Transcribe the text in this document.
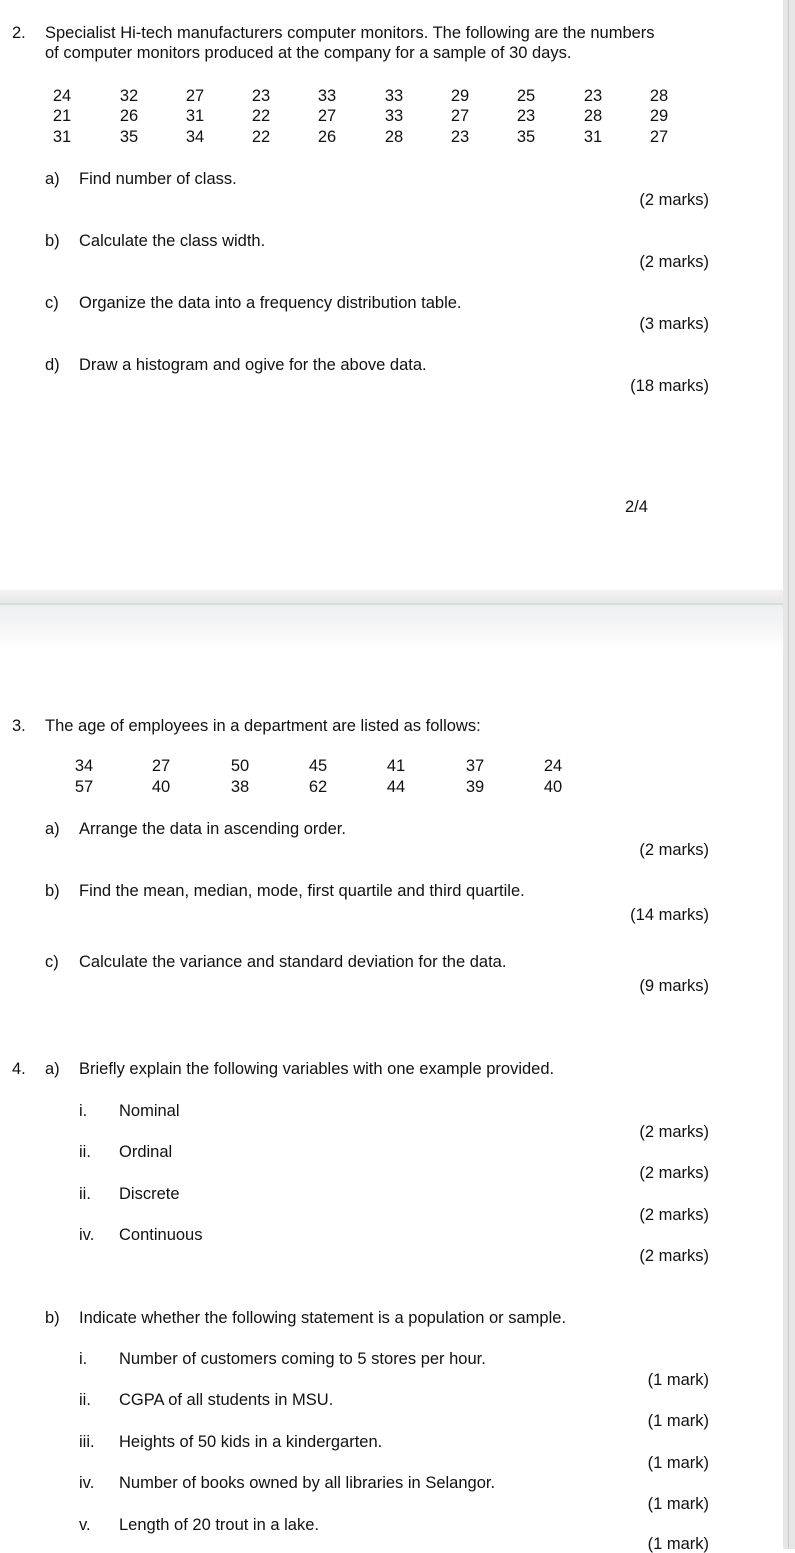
2. Specialist Hi-tech manufacturers computer monitors. The following are the numbers
of computer monitors produced at the company for a sample of 30 days.
24	32	27	23	33	33	29	25	23	28
21	26	31	22	27	33	27	23	28	29
31	35	34	22	26	28	23	35	31	27
a) Find number of class.
(2 marks)
b) Calculate the class width.
(2 marks)
c) Organize the data into a frequency distribution table.
(3 marks)
d) Draw a histogram and ogive for the above data.
(18 marks)
2/4
3. The age of employees in a department are listed as follows:
34	27	50	45	41	37	24
57	40	38	62	44	39	40
a) Arrange the data in ascending order.
(2 marks)
b) Find the mean, median, mode, first quartile and third quartile.
(14 marks)
c) Calculate the variance and standard deviation for the data.
(9 marks)
4. a) Briefly explain the following variables with one example provided.
i. Nominal
(2 marks)
ii. Ordinal
(2 marks)
ii. Discrete
(2 marks)
iv. Continuous
(2 marks)
b) Indicate whether the following statement is a population or sample.
i. Number of customers coming to 5 stores per hour.
(1 mark)
ii. CGPA of all students in MSU.
(1 mark)
iii. Heights of 50 kids in a kindergarten.
(1 mark)
iv. Number of books owned by all libraries in Selangor.
(1 mark)
v. Length of 20 trout in a lake.
(1 mark)
